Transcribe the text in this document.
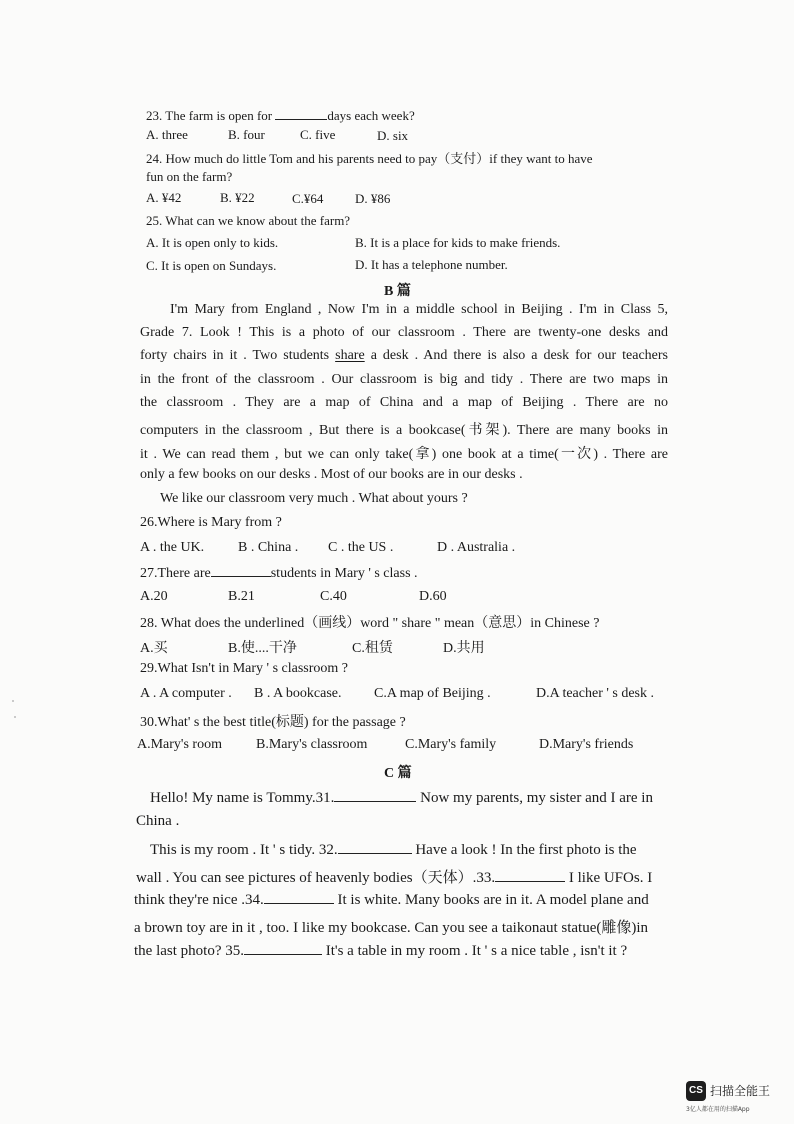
23. The farm is open for	days each week?
A. three	B. four	C. five	D. six
24. How much do little Tom and his parents need to pay（支付）if they want to have
fun on the farm?
A. ¥42	B. ¥22	C.¥64 D. ¥86
25. What can we know about the farm?
A. It is open only to kids.	B. It is a place for kids to make friends.
C. It is open on Sundays.	D. It has a telephone number.
B 篇
I'm Mary from England , Now I'm in a middle school in Beijing . I'm in Class 5,
Grade 7. Look ! This is a photo of our classroom . There are twenty-one desks and
forty chairs in it . Two students share a desk . And there is also a desk for our teachers
in the front of the classroom . Our classroom is big and tidy . There are two maps in
the classroom . They are a map of China and a map of Beijing . There are no
computers in the classroom , But there is a bookcase(书架). There are many books in
it . We can read them , but we can only take(拿) one book at a time(一次) . There are
only a few books on our desks . Most of our books are in our desks .
We like our classroom very much . What about yours ?
26.Where is Mary from ?
A . the UK. B . China . C . the US .	D . Australia .
27.There are	students in Mary ' s class .
A.20	B.21	C.40	D.60
28. What does the underlined（画线）word " share " mean（意思）in Chinese ?
A.买	B.使....干净	C.租赁	D.共用
29.What Isn't in Mary ' s classroom ?
A . A computer . B . A bookcase. C.A map of Beijing .	D.A teacher ' s desk .
30.What' s the best title(标题) for the passage ?
A.Mary's room B.Mary's classroom	C.Mary's family	D.Mary's friends
C 篇
Hello! My name is Tommy.31.	Now my parents, my sister and I are in
China .
This is my room . It ' s tidy. 32.	Have a look ! In the first photo is the
wall . You can see pictures of heavenly bodies（天体）.33.	I like UFOs. I
think they're nice .34.	It is white. Many books are in it. A model plane and
a brown toy are in it , too. I like my bookcase. Can you see a taikonaut statue(雕像)in
the last photo? 35.	It's a table in my room . It ' s a nice table , isn't it ?
CS 扫描全能王
3亿人都在用的扫描App
